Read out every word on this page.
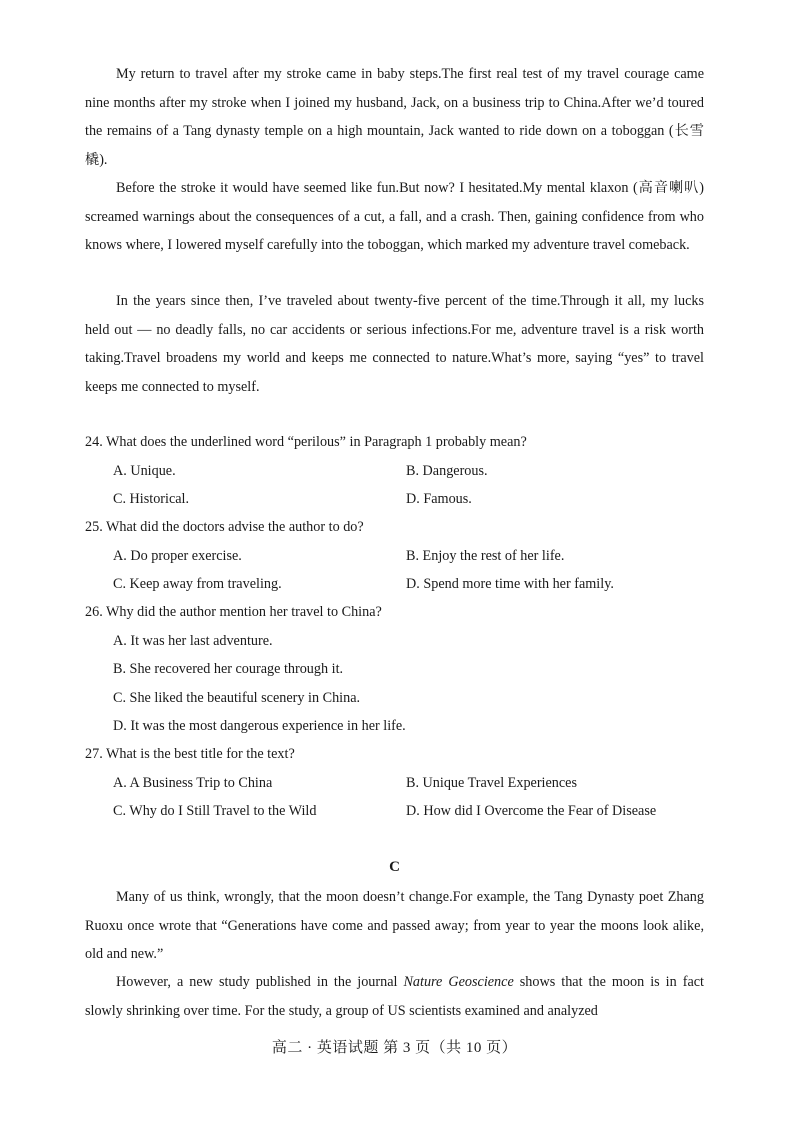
My return to travel after my stroke came in baby steps.The first real test of my travel courage came nine months after my stroke when I joined my husband, Jack, on a business trip to China.After we’d toured the remains of a Tang dynasty temple on a high mountain, Jack wanted to ride down on a toboggan (长雪橇).

Before the stroke it would have seemed like fun.But now? I hesitated.My mental klaxon (高音喇叭) screamed warnings about the consequences of a cut, a fall, and a crash. Then, gaining confidence from who knows where, I lowered myself carefully into the toboggan, which marked my adventure travel comeback.

In the years since then, I’ve traveled about twenty-five percent of the time.Through it all, my lucks held out — no deadly falls, no car accidents or serious infections.For me, adventure travel is a risk worth taking.Travel broadens my world and keeps me connected to nature.What’s more, saying “yes” to travel keeps me connected to myself.

24. What does the underlined word “perilous” in Paragraph 1 probably mean?

A. Unique.	B. Dangerous.

C. Historical.	D. Famous.

25. What did the doctors advise the author to do?

A. Do proper exercise.	B. Enjoy the rest of her life.

C. Keep away from traveling.	D. Spend more time with her family.

26. Why did the author mention her travel to China?

A. It was her last adventure.

B. She recovered her courage through it.

C. She liked the beautiful scenery in China.

D. It was the most dangerous experience in her life.

27. What is the best title for the text?

A. A Business Trip to China	B. Unique Travel Experiences

C. Why do I Still Travel to the Wild	D. How did I Overcome the Fear of Disease

C

Many of us think, wrongly, that the moon doesn’t change.For example, the Tang Dynasty poet Zhang Ruoxu once wrote that “Generations have come and passed away; from year to year the moons look alike, old and new.”

However, a new study published in the journal Nature Geoscience shows that the moon is in fact slowly shrinking over time. For the study, a group of US scientists examined and analyzed

高二 · 英语试题 第 3 页（共 10 页）
